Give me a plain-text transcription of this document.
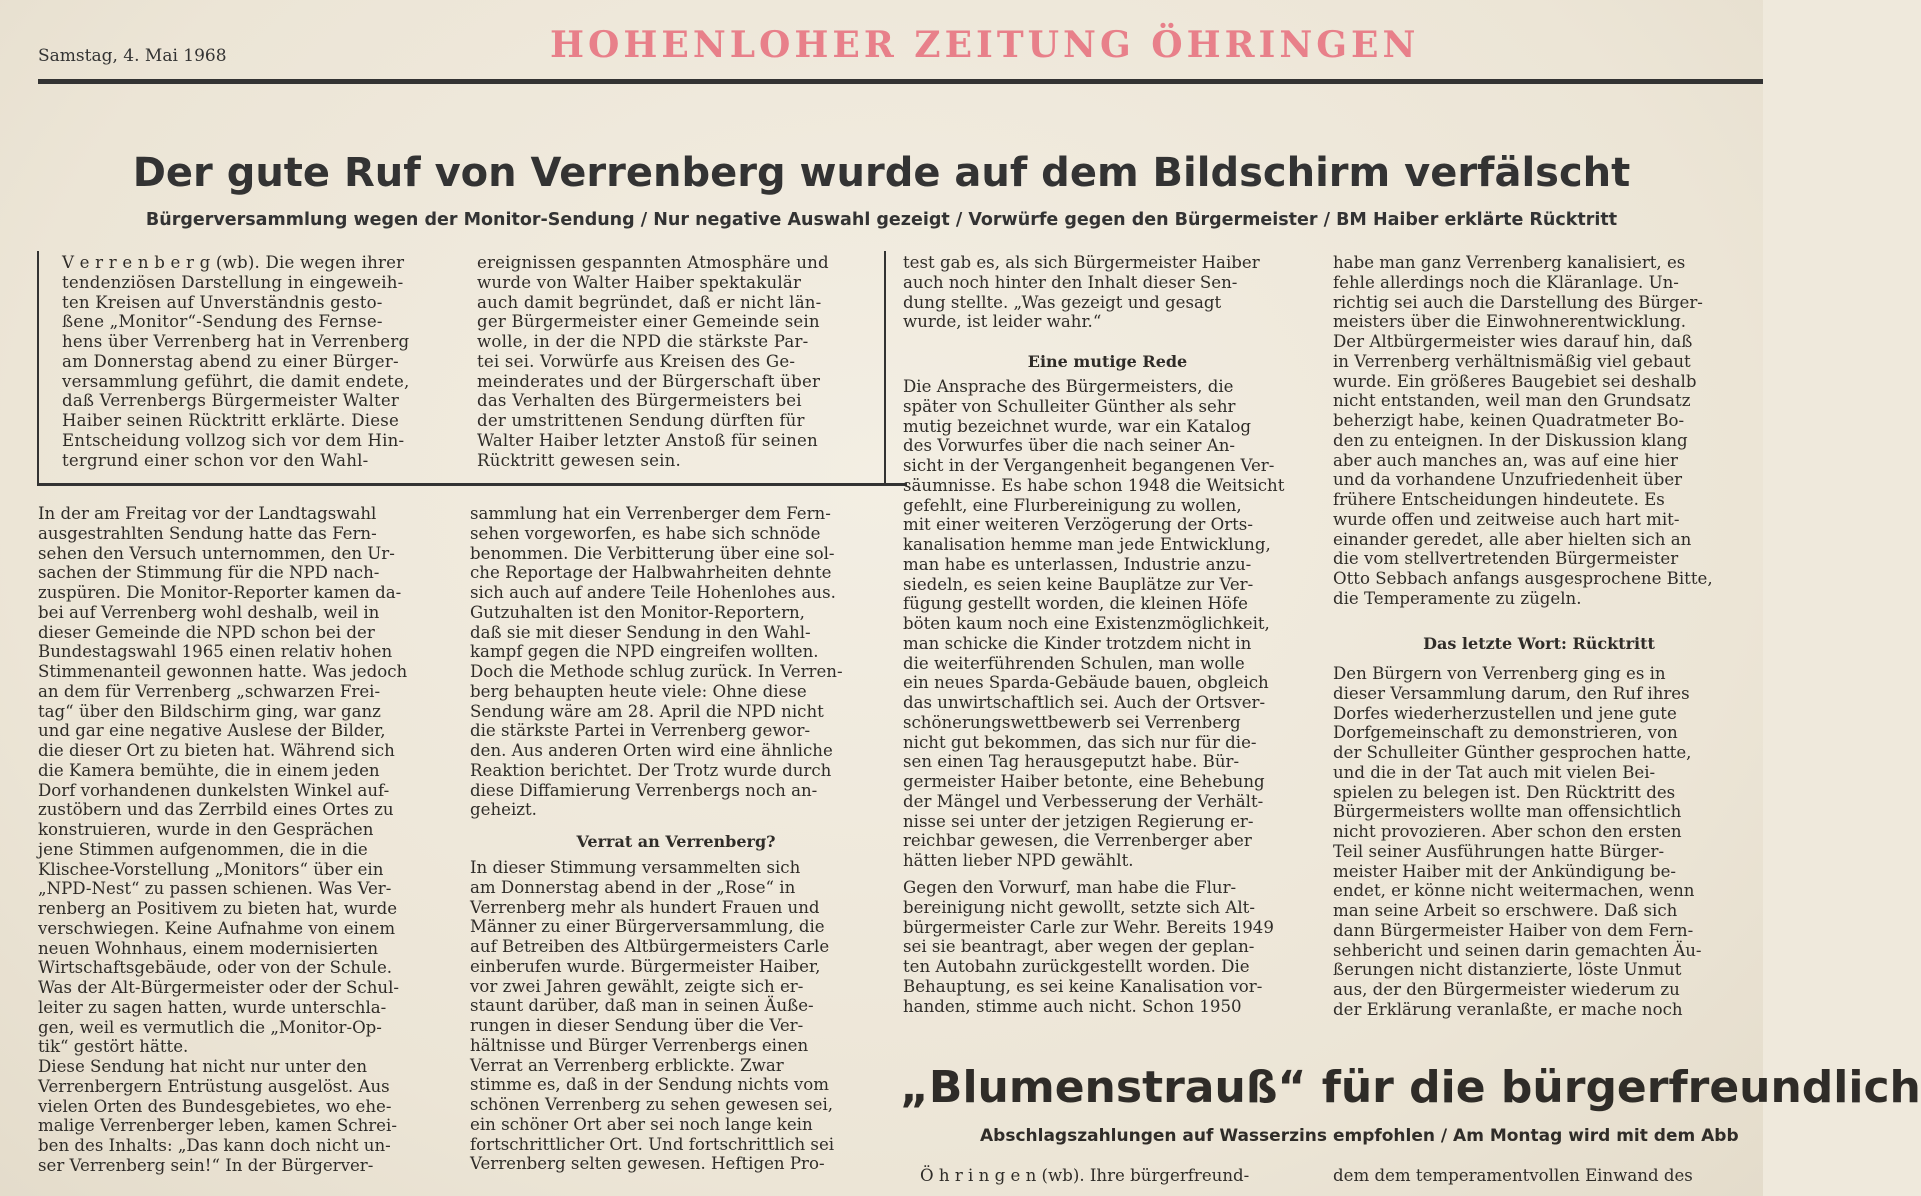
Samstag, 4. Mai 1968	HOHENLOHER ZEITUNG ÖHRINGEN
Der gute Ruf von Verrenberg wurde auf dem Bildschirm verfälscht
Bürgerversammlung wegen der Monitor-Sendung / Nur negative Auswahl gezeigt / Vorwürfe gegen den Bürgermeister / BM Haiber erklärte Rücktritt
V e r r e n b e r g (wb). Die wegen ihrer
tendenziösen Darstellung in eingeweih-
ten Kreisen auf Unverständnis gesto-
ßene „Monitor“-Sendung des Fernse-
hens über Verrenberg hat in Verrenberg
am Donnerstag abend zu einer Bürger-
versammlung geführt, die damit endete,
daß Verrenbergs Bürgermeister Walter
Haiber seinen Rücktritt erklärte. Diese
Entscheidung vollzog sich vor dem Hin-
tergrund einer schon vor den Wahl-
ereignissen gespannten Atmosphäre und
wurde von Walter Haiber spektakulär
auch damit begründet, daß er nicht län-
ger Bürgermeister einer Gemeinde sein
wolle, in der die NPD die stärkste Par-
tei sei. Vorwürfe aus Kreisen des Ge-
meinderates und der Bürgerschaft über
das Verhalten des Bürgermeisters bei
der umstrittenen Sendung dürften für
Walter Haiber letzter Anstoß für seinen
Rücktritt gewesen sein.
In der am Freitag vor der Landtagswahl
ausgestrahlten Sendung hatte das Fern-
sehen den Versuch unternommen, den Ur-
sachen der Stimmung für die NPD nach-
zuspüren. Die Monitor-Reporter kamen da-
bei auf Verrenberg wohl deshalb, weil in
dieser Gemeinde die NPD schon bei der
Bundestagswahl 1965 einen relativ hohen
Stimmenanteil gewonnen hatte. Was jedoch
an dem für Verrenberg „schwarzen Frei-
tag“ über den Bildschirm ging, war ganz
und gar eine negative Auslese der Bilder,
die dieser Ort zu bieten hat. Während sich
die Kamera bemühte, die in einem jeden
Dorf vorhandenen dunkelsten Winkel auf-
zustöbern und das Zerrbild eines Ortes zu
konstruieren, wurde in den Gesprächen
jene Stimmen aufgenommen, die in die
Klischee-Vorstellung „Monitors“ über ein
„NPD-Nest“ zu passen schienen. Was Ver-
renberg an Positivem zu bieten hat, wurde
verschwiegen. Keine Aufnahme von einem
neuen Wohnhaus, einem modernisierten
Wirtschaftsgebäude, oder von der Schule.
Was der Alt-Bürgermeister oder der Schul-
leiter zu sagen hatten, wurde unterschla-
gen, weil es vermutlich die „Monitor-Op-
tik“ gestört hätte.
Diese Sendung hat nicht nur unter den
Verrenbergern Entrüstung ausgelöst. Aus
vielen Orten des Bundesgebietes, wo ehe-
malige Verrenberger leben, kamen Schrei-
ben des Inhalts: „Das kann doch nicht un-
ser Verrenberg sein!“ In der Bürgerver-
sammlung hat ein Verrenberger dem Fern-
sehen vorgeworfen, es habe sich schnöde
benommen. Die Verbitterung über eine sol-
che Reportage der Halbwahrheiten dehnte
sich auch auf andere Teile Hohenlohes aus.
Gutzuhalten ist den Monitor-Reportern,
daß sie mit dieser Sendung in den Wahl-
kampf gegen die NPD eingreifen wollten.
Doch die Methode schlug zurück. In Verren-
berg behaupten heute viele: Ohne diese
Sendung wäre am 28. April die NPD nicht
die stärkste Partei in Verrenberg gewor-
den. Aus anderen Orten wird eine ähnliche
Reaktion berichtet. Der Trotz wurde durch
diese Diffamierung Verrenbergs noch an-
geheizt.
Verrat an Verrenberg?
In dieser Stimmung versammelten sich
am Donnerstag abend in der „Rose“ in
Verrenberg mehr als hundert Frauen und
Männer zu einer Bürgerversammlung, die
auf Betreiben des Altbürgermeisters Carle
einberufen wurde. Bürgermeister Haiber,
vor zwei Jahren gewählt, zeigte sich er-
staunt darüber, daß man in seinen Äuße-
rungen in dieser Sendung über die Ver-
hältnisse und Bürger Verrenbergs einen
Verrat an Verrenberg erblickte. Zwar
stimme es, daß in der Sendung nichts vom
schönen Verrenberg zu sehen gewesen sei,
ein schöner Ort aber sei noch lange kein
fortschrittlicher Ort. Und fortschrittlich sei
Verrenberg selten gewesen. Heftigen Pro-
test gab es, als sich Bürgermeister Haiber
auch noch hinter den Inhalt dieser Sen-
dung stellte. „Was gezeigt und gesagt
wurde, ist leider wahr.“
Eine mutige Rede
Die Ansprache des Bürgermeisters, die
später von Schulleiter Günther als sehr
mutig bezeichnet wurde, war ein Katalog
des Vorwurfes über die nach seiner An-
sicht in der Vergangenheit begangenen Ver-
säumnisse. Es habe schon 1948 die Weitsicht
gefehlt, eine Flurbereinigung zu wollen,
mit einer weiteren Verzögerung der Orts-
kanalisation hemme man jede Entwicklung,
man habe es unterlassen, Industrie anzu-
siedeln, es seien keine Bauplätze zur Ver-
fügung gestellt worden, die kleinen Höfe
böten kaum noch eine Existenzmöglichkeit,
man schicke die Kinder trotzdem nicht in
die weiterführenden Schulen, man wolle
ein neues Sparda-Gebäude bauen, obgleich
das unwirtschaftlich sei. Auch der Ortsver-
schönerungswettbewerb sei Verrenberg
nicht gut bekommen, das sich nur für die-
sen einen Tag herausgeputzt habe. Bür-
germeister Haiber betonte, eine Behebung
der Mängel und Verbesserung der Verhält-
nisse sei unter der jetzigen Regierung er-
reichbar gewesen, die Verrenberger aber
hätten lieber NPD gewählt.
Gegen den Vorwurf, man habe die Flur-
bereinigung nicht gewollt, setzte sich Alt-
bürgermeister Carle zur Wehr. Bereits 1949
sei sie beantragt, aber wegen der geplan-
ten Autobahn zurückgestellt worden. Die
Behauptung, es sei keine Kanalisation vor-
handen, stimme auch nicht. Schon 1950
habe man ganz Verrenberg kanalisiert, es
fehle allerdings noch die Kläranlage. Un-
richtig sei auch die Darstellung des Bürger-
meisters über die Einwohnerentwicklung.
Der Altbürgermeister wies darauf hin, daß
in Verrenberg verhältnismäßig viel gebaut
wurde. Ein größeres Baugebiet sei deshalb
nicht entstanden, weil man den Grundsatz
beherzigt habe, keinen Quadratmeter Bo-
den zu enteignen. In der Diskussion klang
aber auch manches an, was auf eine hier
und da vorhandene Unzufriedenheit über
frühere Entscheidungen hindeutete. Es
wurde offen und zeitweise auch hart mit-
einander geredet, alle aber hielten sich an
die vom stellvertretenden Bürgermeister
Otto Sebbach anfangs ausgesprochene Bitte,
die Temperamente zu zügeln.
Das letzte Wort: Rücktritt
Den Bürgern von Verrenberg ging es in
dieser Versammlung darum, den Ruf ihres
Dorfes wiederherzustellen und jene gute
Dorfgemeinschaft zu demonstrieren, von
der Schulleiter Günther gesprochen hatte,
und die in der Tat auch mit vielen Bei-
spielen zu belegen ist. Den Rücktritt des
Bürgermeisters wollte man offensichtlich
nicht provozieren. Aber schon den ersten
Teil seiner Ausführungen hatte Bürger-
meister Haiber mit der Ankündigung be-
endet, er könne nicht weitermachen, wenn
man seine Arbeit so erschwere. Daß sich
dann Bürgermeister Haiber von dem Fern-
sehbericht und seinen darin gemachten Äu-
ßerungen nicht distanzierte, löste Unmut
aus, der den Bürgermeister wiederum zu
der Erklärung veranlaßte, er mache noch
„Blumenstrauß“ für die bürgerfreundlich
Abschlagszahlungen auf Wasserzins empfohlen / Am Montag wird mit dem Abb
Ö h r i n g e n (wb). Ihre bürgerfreund-	dem dem temperamentvollen Einwand des
